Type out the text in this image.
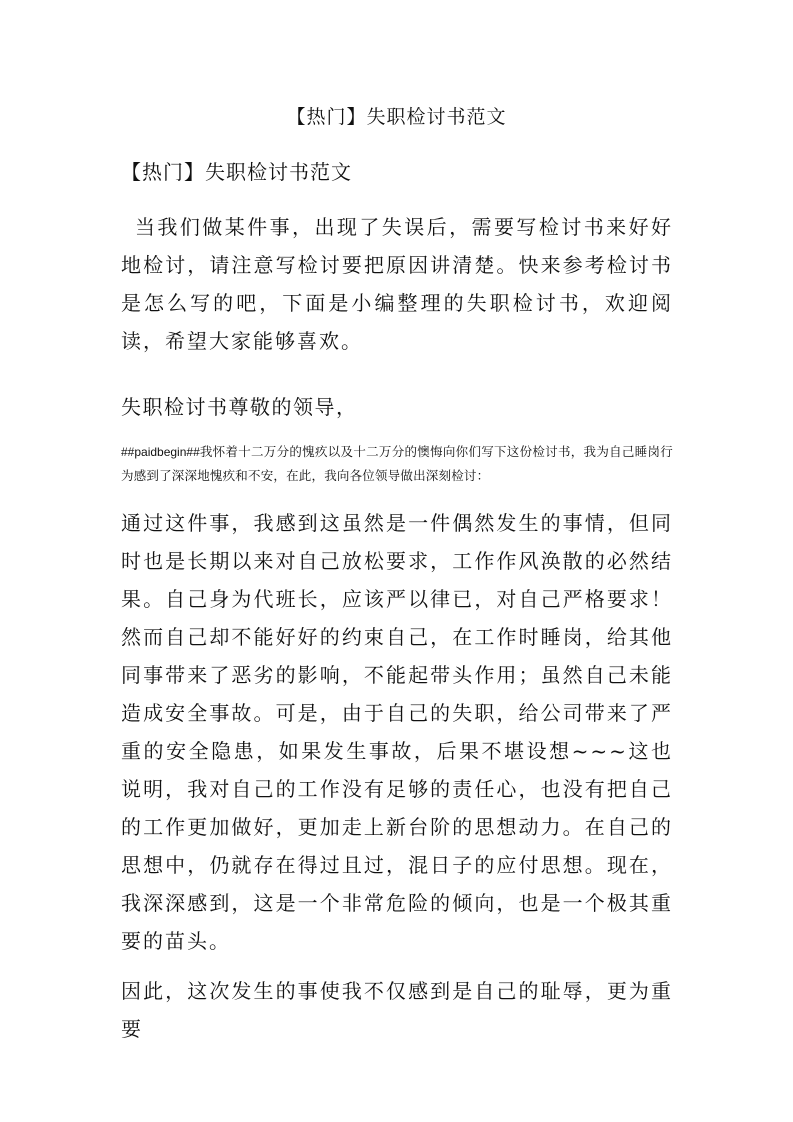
【热门】失职检讨书范文
【热门】失职检讨书范文

当我们做某件事，出现了失误后，需要写检讨书来好好地检讨，请注意写检讨要把原因讲清楚。快来参考检讨书是怎么写的吧，下面是小编整理的失职检讨书，欢迎阅读，希望大家能够喜欢。

失职检讨书尊敬的领导，

##paidbegin##我怀着十二万分的愧疚以及十二万分的懊悔向你们写下这份检讨书，我为自己睡岗行为感到了深深地愧疚和不安，在此，我向各位领导做出深刻检讨：

通过这件事，我感到这虽然是一件偶然发生的事情，但同时也是长期以来对自己放松要求，工作作风涣散的必然结果。自己身为代班长，应该严以律已，对自己严格要求！然而自己却不能好好的约束自己，在工作时睡岗，给其他同事带来了恶劣的影响，不能起带头作用；虽然自己未能造成安全事故。可是，由于自己的失职，给公司带来了严重的安全隐患，如果发生事故，后果不堪设想~~~这也说明，我对自己的工作没有足够的责任心，也没有把自己的工作更加做好，更加走上新台阶的思想动力。在自己的思想中，仍就存在得过且过，混日子的应付思想。现在，我深深感到，这是一个非常危险的倾向，也是一个极其重要的苗头。

因此，这次发生的事使我不仅感到是自己的耻辱，更为重要
